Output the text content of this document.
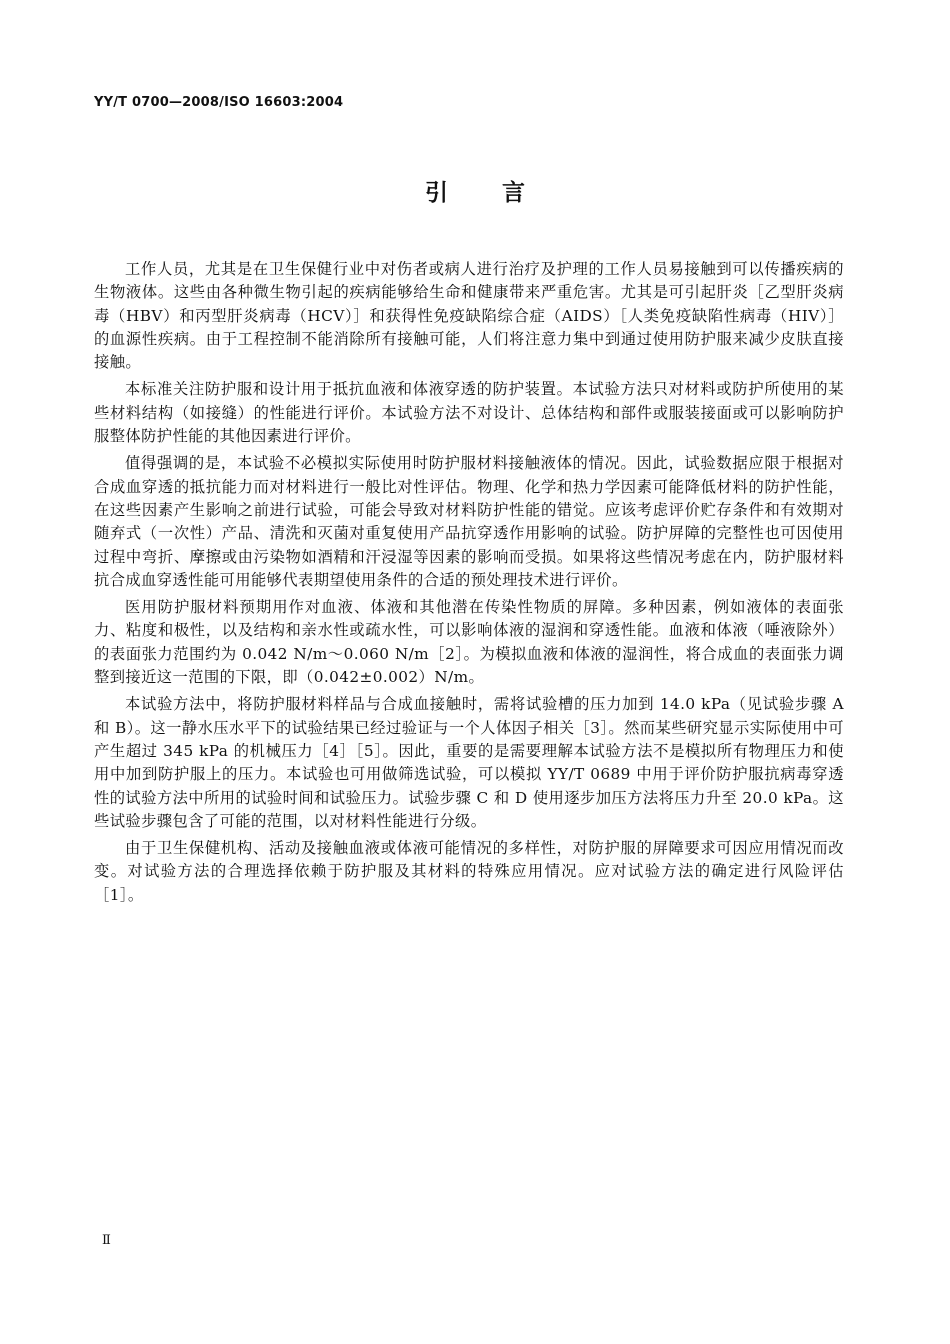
YY/T 0700—2008/ISO 16603:2004
引言

工作人员，尤其是在卫生保健行业中对伤者或病人进行治疗及护理的工作人员易接触到可以传播疾病的生物液体。这些由各种微生物引起的疾病能够给生命和健康带来严重危害。尤其是可引起肝炎［乙型肝炎病毒（HBV）和丙型肝炎病毒（HCV）］和获得性免疫缺陷综合症（AIDS）［人类免疫缺陷性病毒（HIV）］的血源性疾病。由于工程控制不能消除所有接触可能，人们将注意力集中到通过使用防护服来减少皮肤直接接触。

本标准关注防护服和设计用于抵抗血液和体液穿透的防护装置。本试验方法只对材料或防护所使用的某些材料结构（如接缝）的性能进行评价。本试验方法不对设计、总体结构和部件或服装接面或可以影响防护服整体防护性能的其他因素进行评价。

值得强调的是，本试验不必模拟实际使用时防护服材料接触液体的情况。因此，试验数据应限于根据对合成血穿透的抵抗能力而对材料进行一般比对性评估。物理、化学和热力学因素可能降低材料的防护性能，在这些因素产生影响之前进行试验，可能会导致对材料防护性能的错觉。应该考虑评价贮存条件和有效期对随弃式（一次性）产品、清洗和灭菌对重复使用产品抗穿透作用影响的试验。防护屏障的完整性也可因使用过程中弯折、摩擦或由污染物如酒精和汗浸湿等因素的影响而受损。如果将这些情况考虑在内，防护服材料抗合成血穿透性能可用能够代表期望使用条件的合适的预处理技术进行评价。

医用防护服材料预期用作对血液、体液和其他潜在传染性物质的屏障。多种因素，例如液体的表面张力、粘度和极性，以及结构和亲水性或疏水性，可以影响体液的湿润和穿透性能。血液和体液（唾液除外）的表面张力范围约为 0.042 N/m～0.060 N/m［2］。为模拟血液和体液的湿润性，将合成血的表面张力调整到接近这一范围的下限，即（0.042±0.002）N/m。

本试验方法中，将防护服材料样品与合成血接触时，需将试验槽的压力加到 14.0 kPa（见试验步骤 A 和 B）。这一静水压水平下的试验结果已经过验证与一个人体因子相关［3］。然而某些研究显示实际使用中可产生超过 345 kPa 的机械压力［4］［5］。因此，重要的是需要理解本试验方法不是模拟所有物理压力和使用中加到防护服上的压力。本试验也可用做筛选试验，可以模拟 YY/T 0689 中用于评价防护服抗病毒穿透性的试验方法中所用的试验时间和试验压力。试验步骤 C 和 D 使用逐步加压方法将压力升至 20.0 kPa。这些试验步骤包含了可能的范围，以对材料性能进行分级。

由于卫生保健机构、活动及接触血液或体液可能情况的多样性，对防护服的屏障要求可因应用情况而改变。对试验方法的合理选择依赖于防护服及其材料的特殊应用情况。应对试验方法的确定进行风险评估［1］。

Ⅱ
